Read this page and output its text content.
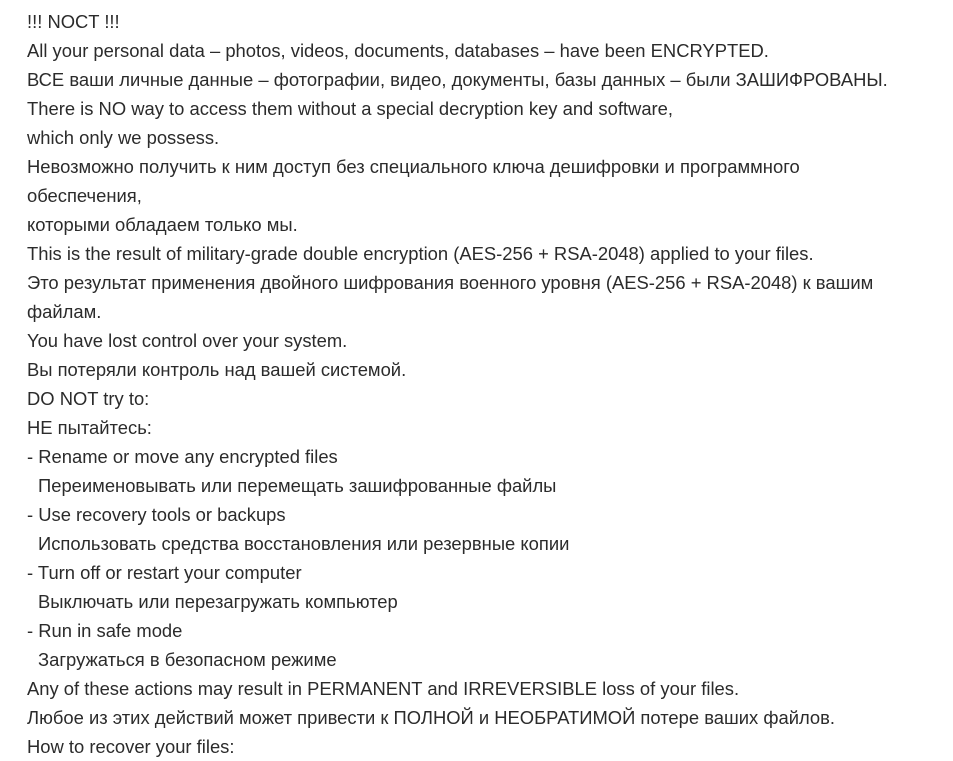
!!! NOCT !!!
All your personal data – photos, videos, documents, databases – have been ENCRYPTED.
ВСЕ ваши личные данные – фотографии, видео, документы, базы данных – были ЗАШИФРОВАНЫ.
There is NO way to access them without a special decryption key and software,
which only we possess.
Невозможно получить к ним доступ без специального ключа дешифровки и программного
обеспечения,
которыми обладаем только мы.
This is the result of military-grade double encryption (AES-256 + RSA-2048) applied to your files.
Это результат применения двойного шифрования военного уровня (AES-256 + RSA-2048) к вашим
файлам.
You have lost control over your system.
Вы потеряли контроль над вашей системой.
DO NOT try to:
НЕ пытайтесь:
- Rename or move any encrypted files
Переименовывать или перемещать зашифрованные файлы
- Use recovery tools or backups
Использовать средства восстановления или резервные копии
- Turn off or restart your computer
Выключать или перезагружать компьютер
- Run in safe mode
Загружаться в безопасном режиме
Any of these actions may result in PERMANENT and IRREVERSIBLE loss of your files.
Любое из этих действий может привести к ПОЛНОЙ и НЕОБРАТИМОЙ потере ваших файлов.
How to recover your files:
